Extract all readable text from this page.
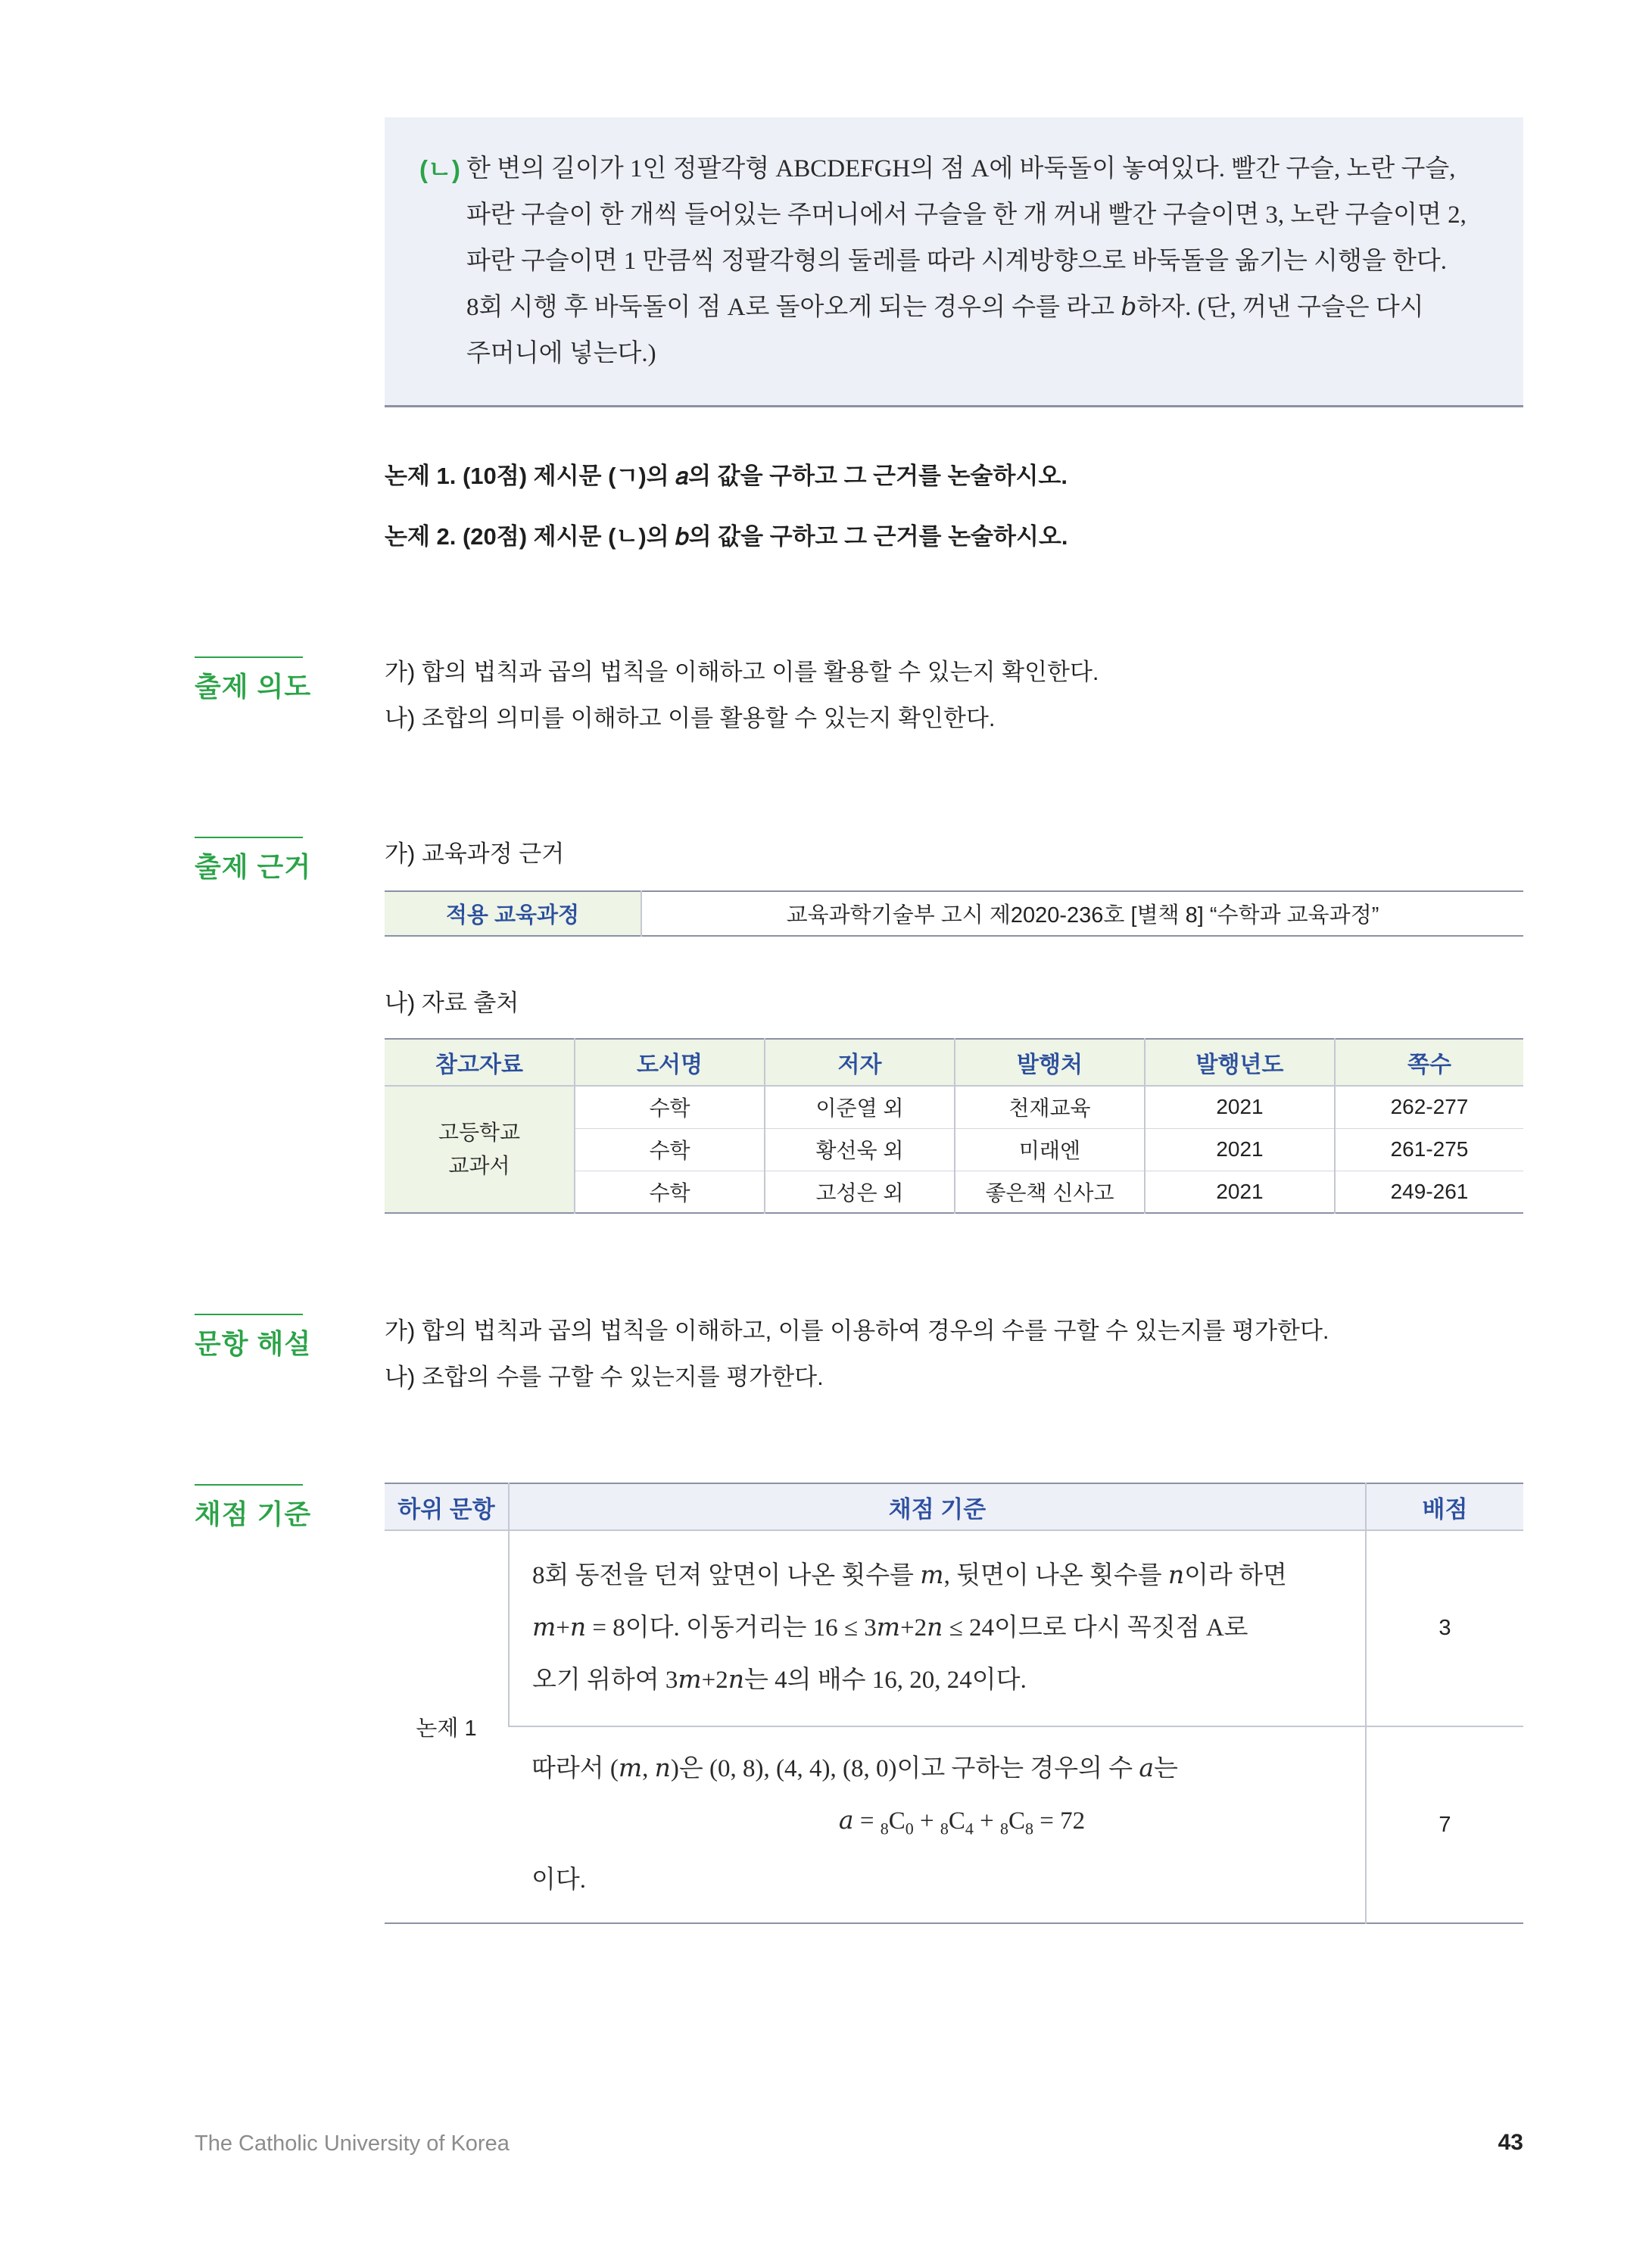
(ㄴ) 한 변의 길이가 1인 정팔각형 ABCDEFGH의 점 A에 바둑돌이 놓여있다. 빨간 구슬, 노란 구슬,
파란 구슬이 한 개씩 들어있는 주머니에서 구슬을 한 개 꺼내 빨간 구슬이면 3, 노란 구슬이면 2,
파란 구슬이면 1 만큼씩 정팔각형의 둘레를 따라 시계방향으로 바둑돌을 옮기는 시행을 한다.
8회 시행 후 바둑돌이 점 A로 돌아오게 되는 경우의 수를 라고 𝑏하자. (단, 꺼낸 구슬은 다시
주머니에 넣는다.)
논제 1. (10점) 제시문 (ㄱ)의 𝑎의 값을 구하고 그 근거를 논술하시오.
논제 2. (20점) 제시문 (ㄴ)의 𝑏의 값을 구하고 그 근거를 논술하시오.
출제 의도	가) 합의 법칙과 곱의 법칙을 이해하고 이를 활용할 수 있는지 확인한다.
나) 조합의 의미를 이해하고 이를 활용할 수 있는지 확인한다.
출제 근거	가) 교육과정 근거
적용 교육과정	교육과학기술부 고시 제2020-236호 [별책 8] “수학과 교육과정”
나) 자료 출처
참고자료	도서명	저자	발행처	발행년도	쪽수

고등학교
교과서	수학	이준열 외	천재교육	2021	262-277
	수학	황선욱 외	미래엔	2021	261-275
	수학	고성은 외	좋은책 신사고	2021	249-261
문항 해설	가) 합의 법칙과 곱의 법칙을 이해하고, 이를 이용하여 경우의 수를 구할 수 있는지를 평가한다.
나) 조합의 수를 구할 수 있는지를 평가한다.
채점 기준	하위 문항	채점 기준	배점
논제 1	8회 동전을 던져 앞면이 나온 횟수를 𝑚, 뒷면이 나온 횟수를 𝑛이라 하면
𝑚+𝑛 = 8이다. 이동거리는 16 ≤ 3𝑚+2𝑛 ≤ 24이므로 다시 꼭짓점 A로
오기 위하여 3𝑚+2𝑛는 4의 배수 16, 20, 24이다.	3

	따라서 (𝑚, 𝑛)은 (0, 8), (4, 4), (8, 0)이고 구하는 경우의 수 𝑎는
𝑎 = $_8C_0 + _8C_4 + _8C_8 = 72$
이다.	7
The Catholic University of Korea	43
